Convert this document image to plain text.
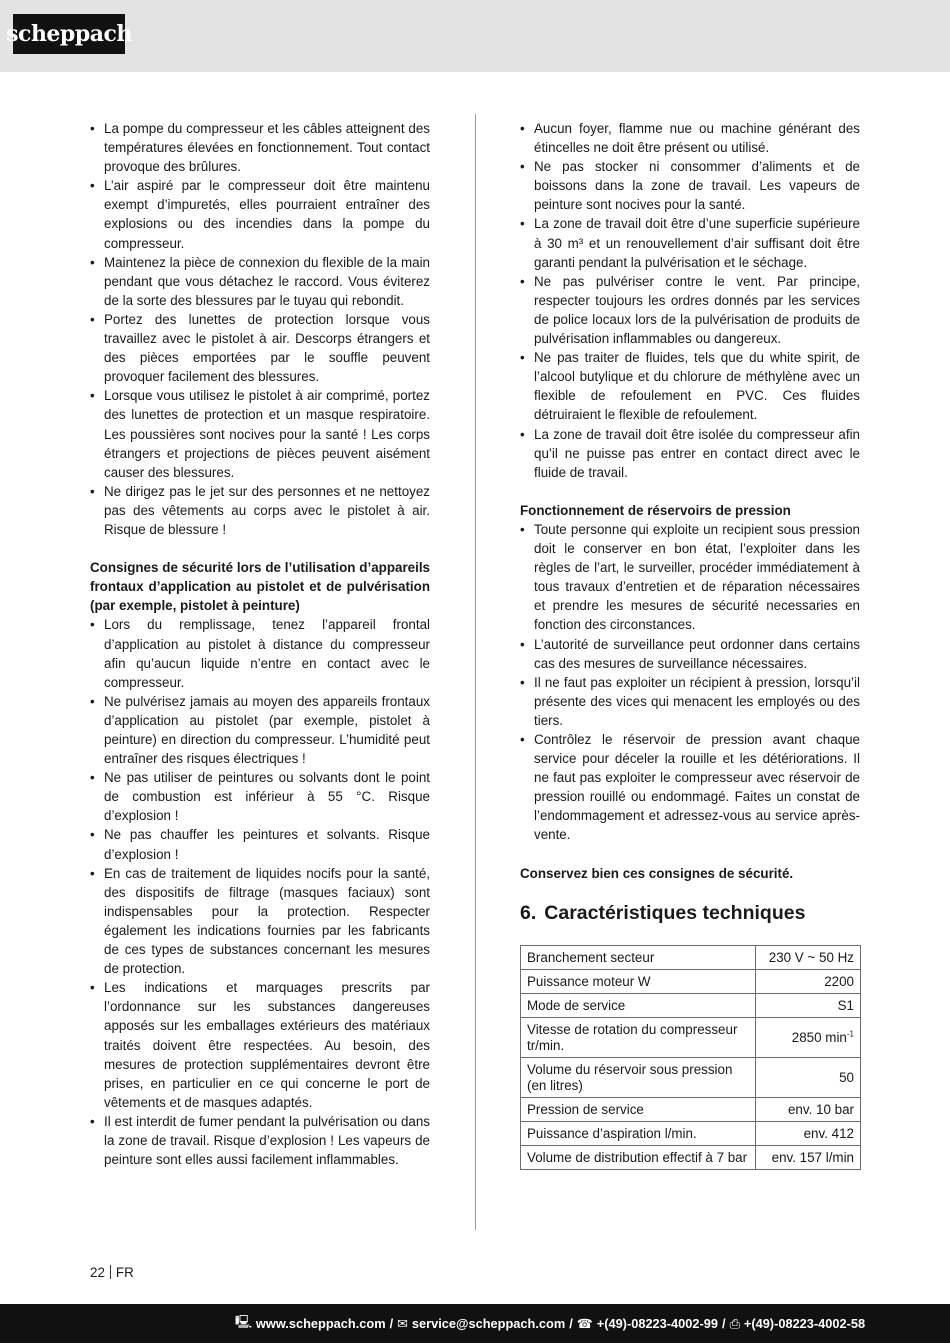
scheppach
• La pompe du compresseur et les câbles atteignent des températures élevées en fonctionnement. Tout contact provoque des brûlures.
• L’air aspiré par le compresseur doit être maintenu exempt d’impuretés, elles pourraient entraîner des explosions ou des incendies dans la pompe du compresseur.
• Maintenez la pièce de connexion du flexible de la main pendant que vous détachez le raccord. Vous éviterez de la sorte des blessures par le tuyau qui rebondit.
• Portez des lunettes de protection lorsque vous travaillez avec le pistolet à air. Descorps étrangers et des pièces emportées par le souffle peuvent provoquer facilement des blessures.
• Lorsque vous utilisez le pistolet à air comprimé, portez des lunettes de protection et un masque respiratoire. Les poussières sont nocives pour la santé ! Les corps étrangers et projections de pièces peuvent aisément causer des blessures.
• Ne dirigez pas le jet sur des personnes et ne nettoyez pas des vêtements au corps avec le pistolet à air. Risque de blessure !
Consignes de sécurité lors de l’utilisation d’appareils frontaux d’application au pistolet et de pulvérisation (par exemple, pistolet à peinture)
• Lors du remplissage, tenez l’appareil frontal d’application au pistolet à distance du compresseur afin qu’aucun liquide n’entre en contact avec le compresseur.
• Ne pulvérisez jamais au moyen des appareils frontaux d’application au pistolet (par exemple, pistolet à peinture) en direction du compresseur. L’humidité peut entraîner des risques électriques !
• Ne pas utiliser de peintures ou solvants dont le point de combustion est inférieur à 55 °C. Risque d’explosion !
• Ne pas chauffer les peintures et solvants. Risque d’explosion !
• En cas de traitement de liquides nocifs pour la santé, des dispositifs de filtrage (masques faciaux) sont indispensables pour la protection. Respecter également les indications fournies par les fabricants de ces types de substances concernant les mesures de protection.
• Les indications et marquages prescrits par l’ordonnance sur les substances dangereuses apposés sur les emballages extérieurs des matériaux traités doivent être respectées. Au besoin, des mesures de protection supplémentaires devront être prises, en particulier en ce qui concerne le port de vêtements et de masques adaptés.
• Il est interdit de fumer pendant la pulvérisation ou dans la zone de travail. Risque d’explosion ! Les vapeurs de peinture sont elles aussi facilement inflammables.
• Aucun foyer, flamme nue ou machine générant des étincelles ne doit être présent ou utilisé.
• Ne pas stocker ni consommer d’aliments et de boissons dans la zone de travail. Les vapeurs de peinture sont nocives pour la santé.
• La zone de travail doit être d’une superficie supérieure à 30 m³ et un renouvellement d’air suffisant doit être garanti pendant la pulvérisation et le séchage.
• Ne pas pulvériser contre le vent. Par principe, respecter toujours les ordres donnés par les services de police locaux lors de la pulvérisation de produits de pulvérisation inflammables ou dangereux.
• Ne pas traiter de fluides, tels que du white spirit, de l’alcool butylique et du chlorure de méthylène avec un flexible de refoulement en PVC. Ces fluides détruiraient le flexible de refoulement.
• La zone de travail doit être isolée du compresseur afin qu’il ne puisse pas entrer en contact direct avec le fluide de travail.
Fonctionnement de réservoirs de pression
• Toute personne qui exploite un recipient sous pression doit le conserver en bon état, l’exploiter dans les règles de l’art, le surveiller, procéder immédiatement à tous travaux d’entretien et de réparation nécessaires et prendre les mesures de sécurité necessaries en fonction des circonstances.
• L’autorité de surveillance peut ordonner dans certains cas des mesures de surveillance nécessaires.
• Il ne faut pas exploiter un récipient à pression, lorsqu’il présente des vices qui menacent les employés ou des tiers.
• Contrôlez le réservoir de pression avant chaque service pour déceler la rouille et les détériorations. Il ne faut pas exploiter le compresseur avec réservoir de pression rouillé ou endommagé. Faites un constat de l’endommagement et adressez-vous au service après-vente.
Conservez bien ces consignes de sécurité.
6. Caractéristiques techniques
Branchement secteur	230 V ~ 50 Hz
Puissance moteur W	2200
Mode de service	S1
Vitesse de rotation du compresseur tr/min.	2850 $\min^{-1}$
Volume du réservoir sous pression (en litres)	50
Pression de service	env. 10 bar
Puissance d’aspiration l/min.	env. 412
Volume de distribution effectif à 7 bar	env. 157 l/min
22 FR
🖳 www.scheppach.com / ✉ service@scheppach.com / ☎ +(49)-08223-4002-99 / ⎙ +(49)-08223-4002-58
